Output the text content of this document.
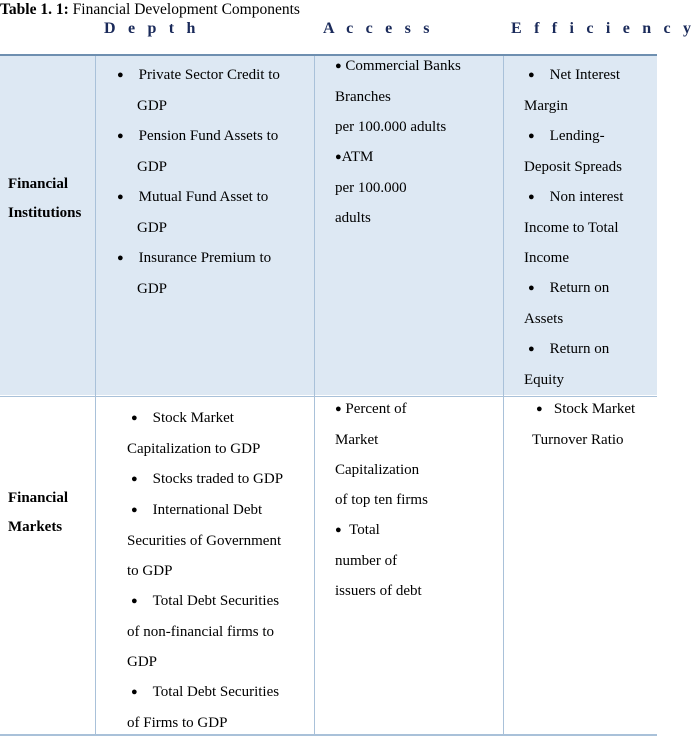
Table 1. 1: Financial Development Components
D e p t h	A c c e s s	E f f i c i e n c y
Financial
Institutions
● Private Sector Credit to
GDP
● Pension Fund Assets to
GDP
● Mutual Fund Asset to
GDP
● Insurance Premium to
GDP
● Commercial Banks
Branches
per 100.000 adults
●ATM
per 100.000
adults
● Net Interest
Margin
● Lending-
Deposit Spreads
● Non interest
Income to Total
Income
● Return on
Assets
● Return on
Equity
Financial
Markets
● Stock Market
Capitalization to GDP
● Stocks traded to GDP
● International Debt
Securities of Government
to GDP
● Total Debt Securities
of non-financial firms to
GDP
● Total Debt Securities
of Firms to GDP
● Percent of
Market
Capitalization
of top ten firms
● Total
number of
issuers of debt
● Stock Market
Turnover Ratio
